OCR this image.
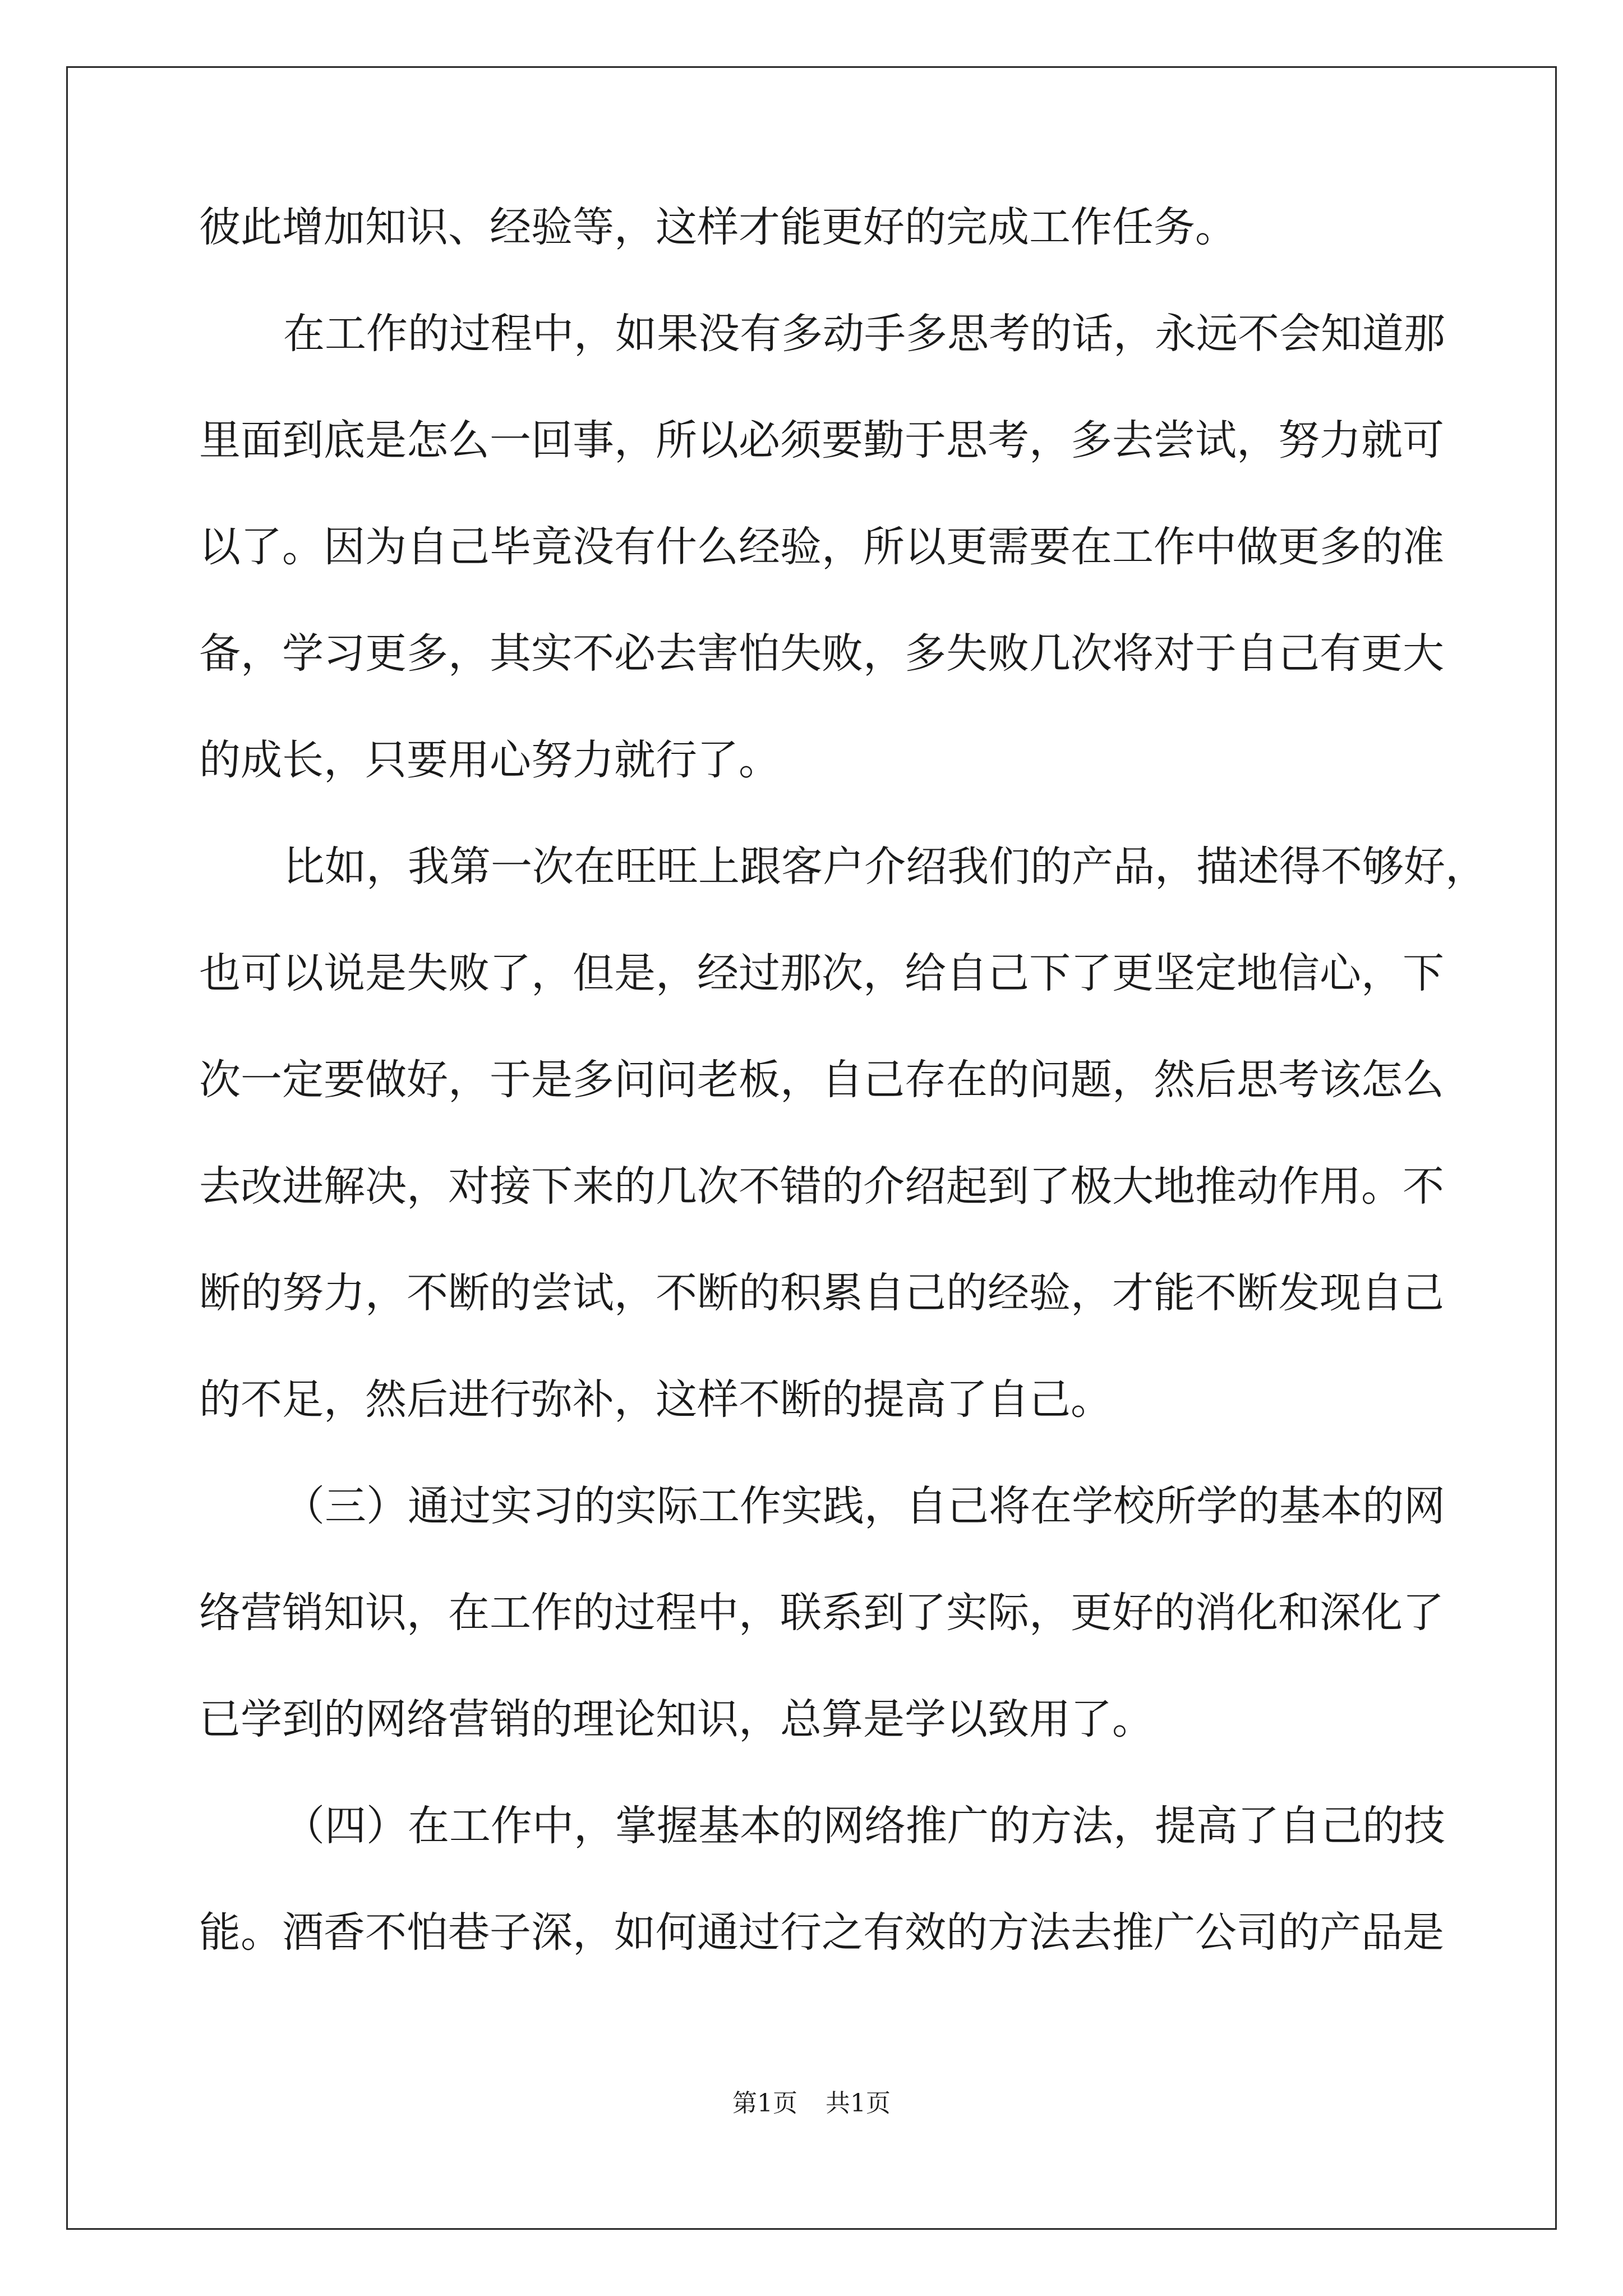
彼此增加知识、经验等，这样才能更好的完成工作任务。
在工作的过程中，如果没有多动手多思考的话，永远不会知道那
里面到底是怎么一回事，所以必须要勤于思考，多去尝试，努力就可
以了。因为自己毕竟没有什么经验，所以更需要在工作中做更多的准
备，学习更多，其实不必去害怕失败，多失败几次将对于自己有更大
的成长，只要用心努力就行了。
比如，我第一次在旺旺上跟客户介绍我们的产品，描述得不够好，
也可以说是失败了，但是，经过那次，给自己下了更坚定地信心，下
次一定要做好，于是多问问老板，自己存在的问题，然后思考该怎么
去改进解决，对接下来的几次不错的介绍起到了极大地推动作用。不
断的努力，不断的尝试，不断的积累自己的经验，才能不断发现自己
的不足，然后进行弥补，这样不断的提高了自己。
（三）通过实习的实际工作实践，自己将在学校所学的基本的网
络营销知识，在工作的过程中，联系到了实际，更好的消化和深化了
已学到的网络营销的理论知识，总算是学以致用了。
（四）在工作中，掌握基本的网络推广的方法，提高了自己的技
能。酒香不怕巷子深，如何通过行之有效的方法去推广公司的产品是
第1页 共1页
